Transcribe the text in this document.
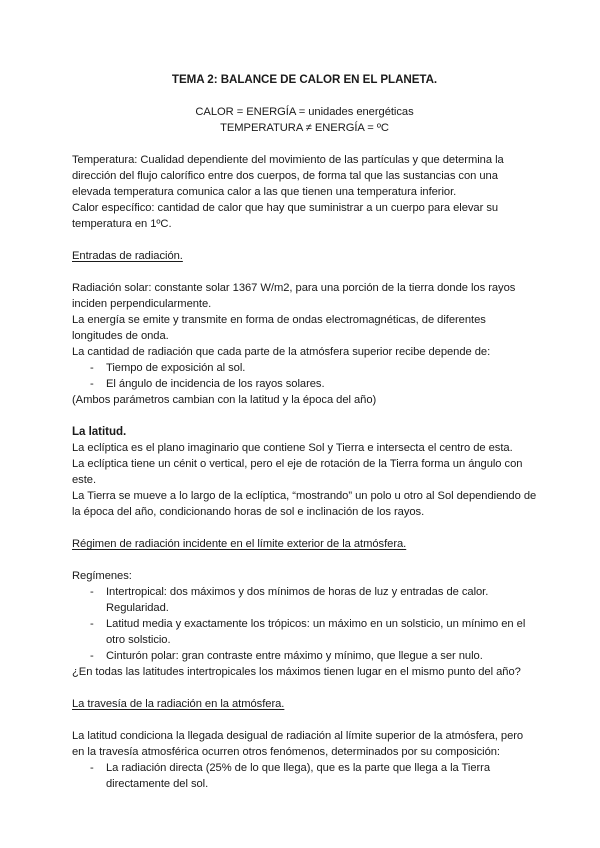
TEMA 2: BALANCE DE CALOR EN EL PLANETA.

CALOR = ENERGÍA = unidades energéticas

TEMPERATURA ≠ ENERGÍA = ºC

Temperatura: Cualidad dependiente del movimiento de las partículas y que determina la dirección del flujo calorífico entre dos cuerpos, de forma tal que las sustancias con una elevada temperatura comunica calor a las que tienen una temperatura inferior.

Calor específico: cantidad de calor que hay que suministrar a un cuerpo para elevar su temperatura en 1ºC.

Entradas de radiación.

Radiación solar: constante solar 1367 W/m2, para una porción de la tierra donde los rayos inciden perpendicularmente.

La energía se emite y transmite en forma de ondas electromagnéticas, de diferentes longitudes de onda.

La cantidad de radiación que cada parte de la atmósfera superior recibe depende de:

- Tiempo de exposición al sol.
- El ángulo de incidencia de los rayos solares.

(Ambos parámetros cambian con la latitud y la época del año)

La latitud.

La eclíptica es el plano imaginario que contiene Sol y Tierra e intersecta el centro de esta.

La eclíptica tiene un cénit o vertical, pero el eje de rotación de la Tierra forma un ángulo con este.

La Tierra se mueve a lo largo de la eclíptica, “mostrando” un polo u otro al Sol dependiendo de la época del año, condicionando horas de sol e inclinación de los rayos.

Régimen de radiación incidente en el límite exterior de la atmósfera.

Regímenes:

- Intertropical: dos máximos y dos mínimos de horas de luz y entradas de calor. Regularidad.
- Latitud media y exactamente los trópicos: un máximo en un solsticio, un mínimo en el otro solsticio.
- Cinturón polar: gran contraste entre máximo y mínimo, que llegue a ser nulo.

¿En todas las latitudes intertropicales los máximos tienen lugar en el mismo punto del año?

La travesía de la radiación en la atmósfera.

La latitud condiciona la llegada desigual de radiación al límite superior de la atmósfera, pero en la travesía atmosférica ocurren otros fenómenos, determinados por su composición:

- La radiación directa (25% de lo que llega), que es la parte que llega a la Tierra directamente del sol.
